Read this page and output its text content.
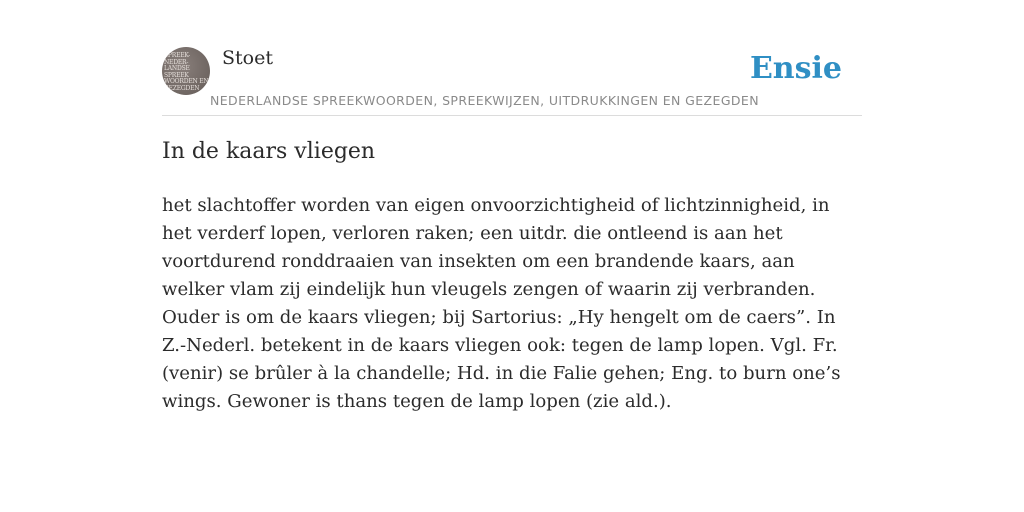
SPREEK-
NEDER-
LANDSE
SPREEK
WOORDEN EN
GEZEGDEN
Stoet
NEDERLANDSE SPREEKWOORDEN, SPREEKWIJZEN, UITDRUKKINGEN EN GEZEGDEN
Ensie
In de kaars vliegen

het slachtoffer worden van eigen onvoorzichtigheid of lichtzinnigheid, in het verderf lopen, verloren raken; een uitdr. die ontleend is aan het voortdurend ronddraaien van insekten om een brandende kaars, aan welker vlam zij eindelijk hun vleugels zengen of waarin zij verbranden. Ouder is om de kaars vliegen; bij Sartorius: „Hy hengelt om de caers”. In Z.-Nederl. betekent in de kaars vliegen ook: tegen de lamp lopen. Vgl. Fr. (venir) se brûler à la chandelle; Hd. in die Falie gehen; Eng. to burn one’s wings. Gewoner is thans tegen de lamp lopen (zie ald.).
